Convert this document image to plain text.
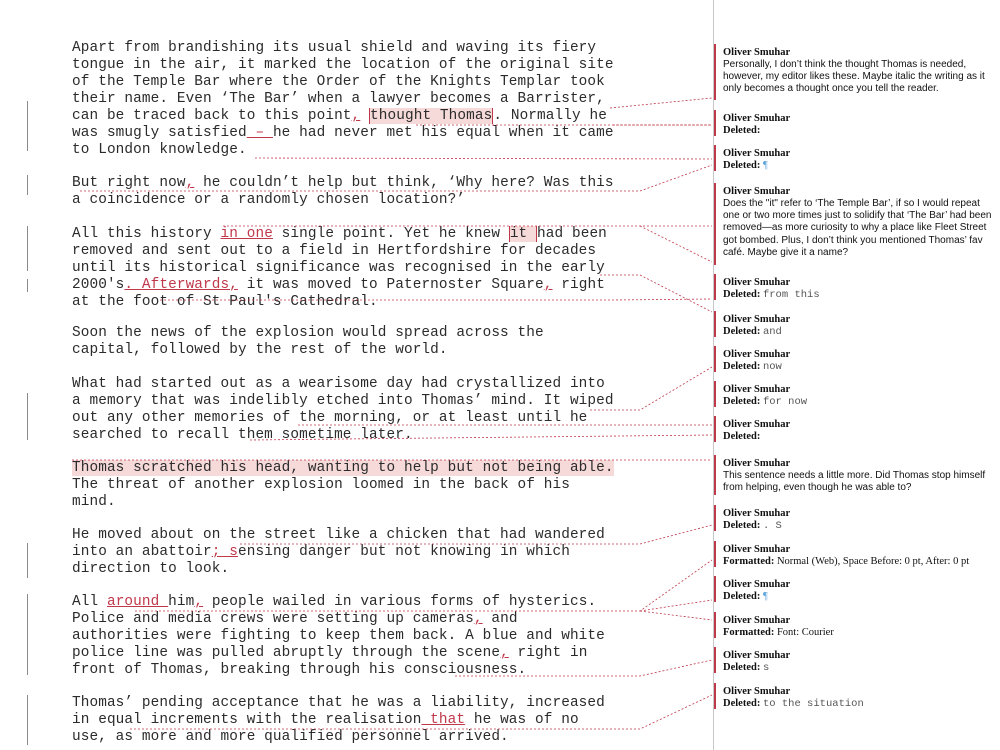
Apart from brandishing its usual shield and waving its fiery
tongue in the air, it marked the location of the original site
of the Temple Bar where the Order of the Knights Templar took
their name. Even ‘The Bar’ when a lawyer becomes a Barrister,
can be traced back to this point, thought Thomas. Normally he
was smugly satisfied – he had never met his equal when it came
to London knowledge.
But right now, he couldn’t help but think, ‘Why here? Was this
a coincidence or a randomly chosen location?’
All this history in one single point. Yet he knew it had been
removed and sent out to a field in Hertfordshire for decades
until its historical significance was recognised in the early
2000's. Afterwards, it was moved to Paternoster Square, right
at the foot of St Paul's Cathedral.
Soon the news of the explosion would spread across the
capital, followed by the rest of the world.
What had started out as a wearisome day had crystallized into
a memory that was indelibly etched into Thomas’ mind. It wiped
out any other memories of the morning, or at least until he
searched to recall them sometime later.
Thomas scratched his head, wanting to help but not being able.
The threat of another explosion loomed in the back of his
mind.
He moved about on the street like a chicken that had wandered
into an abattoir; sensing danger but not knowing in which
direction to look.
All around him, people wailed in various forms of hysterics.
Police and media crews were setting up cameras, and
authorities were fighting to keep them back. A blue and white
police line was pulled abruptly through the scene, right in
front of Thomas, breaking through his consciousness.
Thomas’ pending acceptance that he was a liability, increased
in equal increments with the realisation that he was of no
use, as more and more qualified personnel arrived.
Oliver Smuhar
Personally, I don’t think the thought Thomas is needed, however, my editor likes these. Maybe italic the writing as it only becomes a thought once you tell the reader.
Oliver Smuhar
Deleted:
Oliver Smuhar
Deleted: ¶
Oliver Smuhar
Does the "it" refer to ‘The Temple Bar’, if so I would repeat one or two more times just to solidify that ‘The Bar’ had been removed—as more curiosity to why a place like Fleet Street got bombed. Plus, I don’t think you mentioned Thomas’ fav café. Maybe give it a name?
Oliver Smuhar
Deleted: from this
Oliver Smuhar
Deleted: and
Oliver Smuhar
Deleted: now
Oliver Smuhar
Deleted: for now
Oliver Smuhar
Deleted:
Oliver Smuhar
This sentence needs a little more. Did Thomas stop himself from helping, even though he was able to?
Oliver Smuhar
Deleted: . S
Oliver Smuhar
Formatted: Normal (Web), Space Before: 0 pt, After: 0 pt
Oliver Smuhar
Deleted: ¶
Oliver Smuhar
Formatted: Font: Courier
Oliver Smuhar
Deleted: s
Oliver Smuhar
Deleted: to the situation
